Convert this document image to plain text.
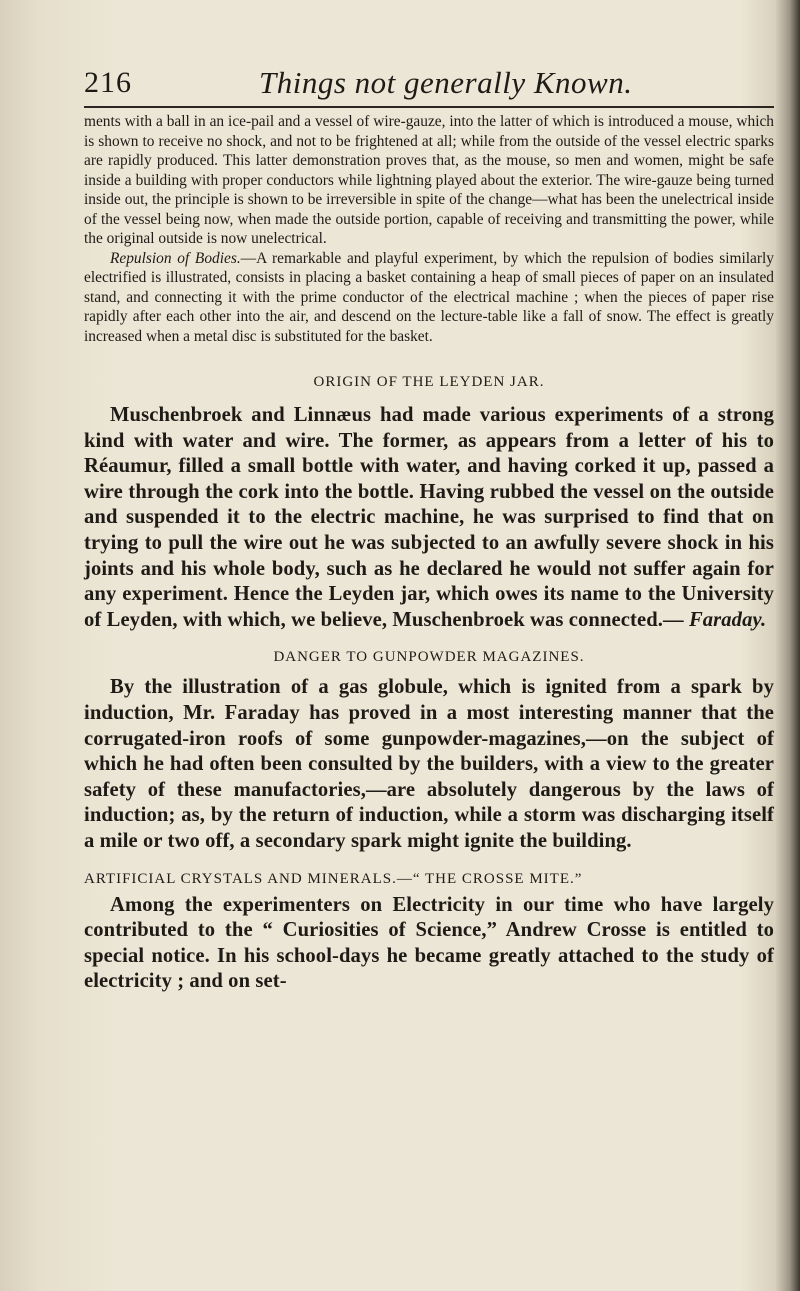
216	Things not generally Known.

ments with a ball in an ice-pail and a vessel of wire-gauze, into the latter of which is introduced a mouse, which is shown to receive no shock, and not to be frightened at all; while from the outside of the vessel electric sparks are rapidly produced. This latter demonstration proves that, as the mouse, so men and women, might be safe inside a building with proper conductors while lightning played about the exterior. The wire-gauze being turned inside out, the principle is shown to be irreversible in spite of the change—what has been the unelectrical inside of the vessel being now, when made the outside portion, capable of receiving and transmitting the power, while the original outside is now unelectrical.

Repulsion of Bodies.—A remarkable and playful experiment, by which the repulsion of bodies similarly electrified is illustrated, consists in placing a basket containing a heap of small pieces of paper on an insulated stand, and connecting it with the prime conductor of the electrical machine ; when the pieces of paper rise rapidly after each other into the air, and descend on the lecture-table like a fall of snow. The effect is greatly increased when a metal disc is substituted for the basket.

ORIGIN OF THE LEYDEN JAR.

Muschenbroek and Linnæus had made various experiments of a strong kind with water and wire. The former, as appears from a letter of his to Réaumur, filled a small bottle with water, and having corked it up, passed a wire through the cork into the bottle. Having rubbed the vessel on the outside and suspended it to the electric machine, he was surprised to find that on trying to pull the wire out he was subjected to an awfully severe shock in his joints and his whole body, such as he declared he would not suffer again for any experiment. Hence the Leyden jar, which owes its name to the University of Leyden, with which, we believe, Muschenbroek was connected.— Faraday.

DANGER TO GUNPOWDER MAGAZINES.

By the illustration of a gas globule, which is ignited from a spark by induction, Mr. Faraday has proved in a most interesting manner that the corrugated-iron roofs of some gunpowder-magazines,—on the subject of which he had often been consulted by the builders, with a view to the greater safety of these manufactories,—are absolutely dangerous by the laws of induction; as, by the return of induction, while a storm was discharging itself a mile or two off, a secondary spark might ignite the building.

ARTIFICIAL CRYSTALS AND MINERALS.—“ THE CROSSE MITE.”

Among the experimenters on Electricity in our time who have largely contributed to the “ Curiosities of Science,” Andrew Crosse is entitled to special notice. In his school-days he became greatly attached to the study of electricity ; and on set-
